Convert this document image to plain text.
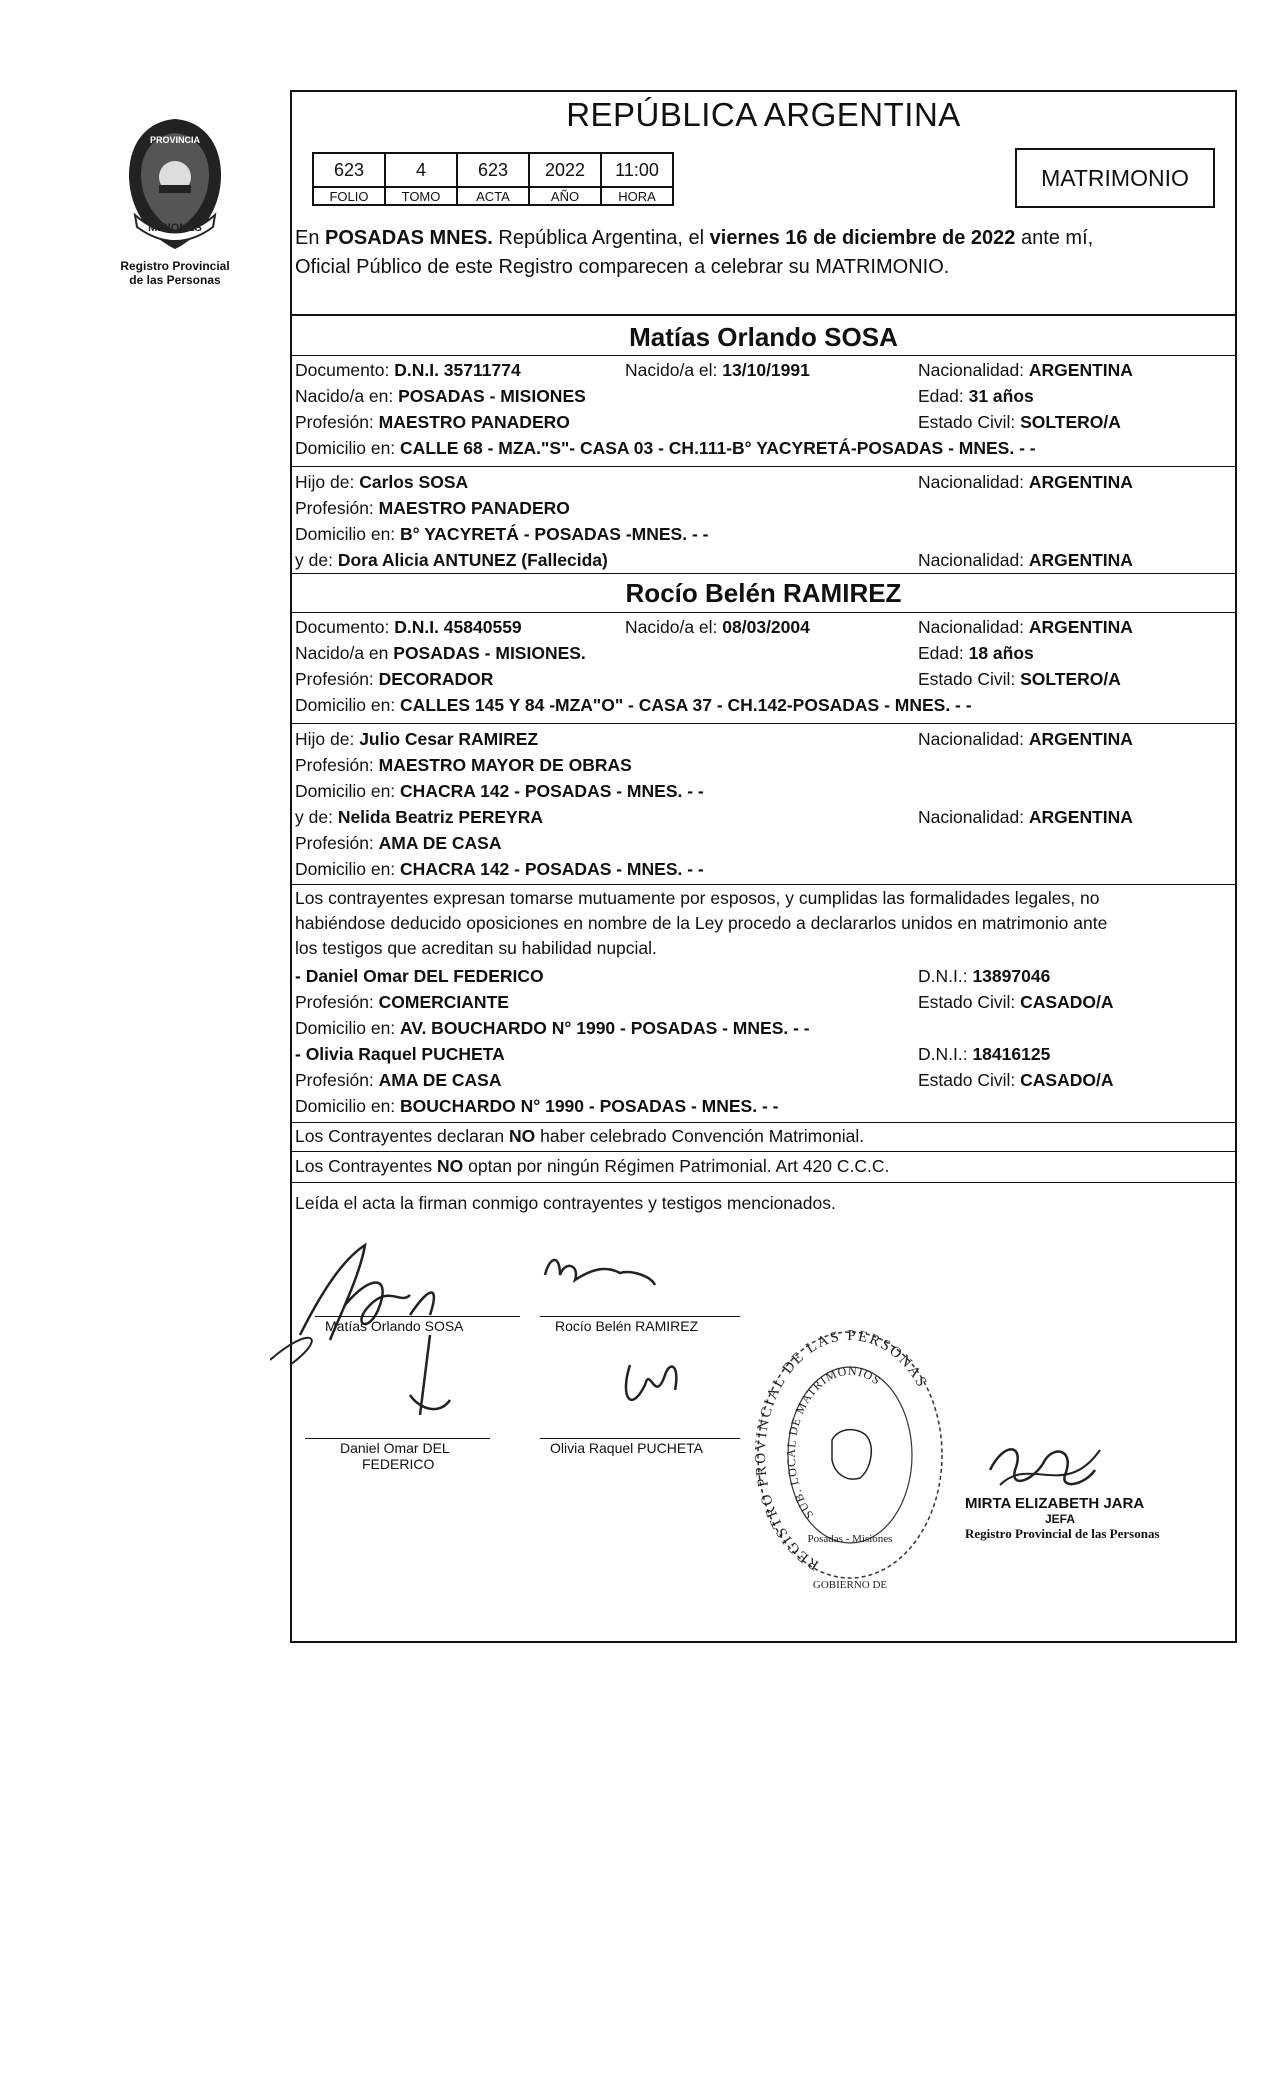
PROVINCIA
MISIONES
Registro Provincial
de las Personas
REPÚBLICA ARGENTINA
623	4	623	2022	11:00
FOLIO	TOMO	ACTA	AÑO	HORA
MATRIMONIO
En POSADAS MNES. República Argentina, el viernes 16 de diciembre de 2022 ante mí,
Oficial Público de este Registro comparecen a celebrar su MATRIMONIO.
Matías Orlando SOSA
Documento: D.N.I. 35711774	Nacido/a el: 13/10/1991	Nacionalidad: ARGENTINA
Nacido/a en: POSADAS - MISIONES	Edad: 31 años
Profesión: MAESTRO PANADERO	Estado Civil: SOLTERO/A
Domicilio en: CALLE 68 - MZA."S"- CASA 03 - CH.111-B° YACYRETÁ-POSADAS - MNES. - -
Hijo de: Carlos SOSA	Nacionalidad: ARGENTINA
Profesión: MAESTRO PANADERO
Domicilio en: B° YACYRETÁ - POSADAS -MNES. - -
y de: Dora Alicia ANTUNEZ (Fallecida)	Nacionalidad: ARGENTINA
Rocío Belén RAMIREZ
Documento: D.N.I. 45840559	Nacido/a el: 08/03/2004	Nacionalidad: ARGENTINA
Nacido/a en POSADAS - MISIONES.	Edad: 18 años
Profesión: DECORADOR	Estado Civil: SOLTERO/A
Domicilio en: CALLES 145 Y 84 -MZA"O" - CASA 37 - CH.142-POSADAS - MNES. - -
Hijo de: Julio Cesar RAMIREZ	Nacionalidad: ARGENTINA
Profesión: MAESTRO MAYOR DE OBRAS
Domicilio en: CHACRA 142 - POSADAS - MNES. - -
y de: Nelida Beatriz PEREYRA	Nacionalidad: ARGENTINA
Profesión: AMA DE CASA
Domicilio en: CHACRA 142 - POSADAS - MNES. - -
Los contrayentes expresan tomarse mutuamente por esposos, y cumplidas las formalidades legales, no
habiéndose deducido oposiciones en nombre de la Ley procedo a declararlos unidos en matrimonio ante
los testigos que acreditan su habilidad nupcial.
- Daniel Omar DEL FEDERICO	D.N.I.: 13897046
Profesión: COMERCIANTE	Estado Civil: CASADO/A
Domicilio en: AV. BOUCHARDO N° 1990 - POSADAS - MNES. - -
- Olivia Raquel PUCHETA	D.N.I.: 18416125
Profesión: AMA DE CASA	Estado Civil: CASADO/A
Domicilio en: BOUCHARDO N° 1990 - POSADAS - MNES. - -
Los Contrayentes declaran NO haber celebrado Convención Matrimonial.
Los Contrayentes NO optan por ningún Régimen Patrimonial. Art 420 C.C.C.
Leída el acta la firman conmigo contrayentes y testigos mencionados.
Matías Orlando SOSA	Rocío Belén RAMIREZ
Daniel Omar DEL
FEDERICO
Olivia Raquel PUCHETA
REGISTRO PROVINCIAL DE LAS PERSONAS
SUB. LOCAL DE MATRIMONIOS
Posadas - Misiones
GOBIERNO DE
MIRTA ELIZABETH JARA
JEFA
Registro Provincial de las Personas
